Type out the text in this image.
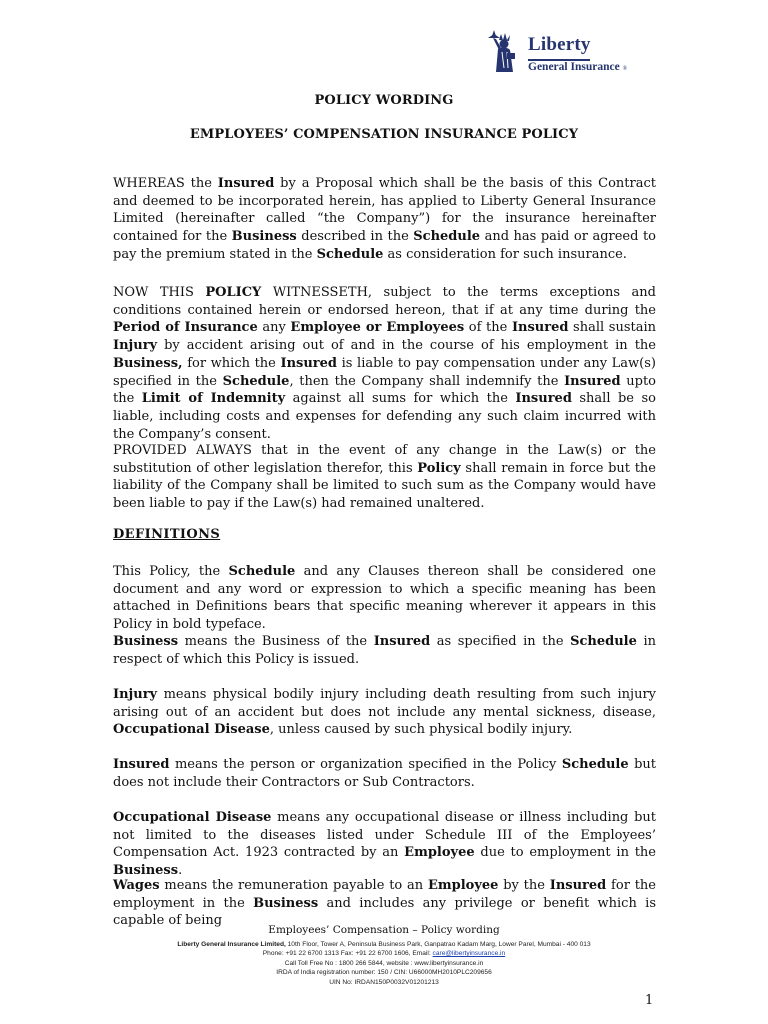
Liberty
General Insurance ®
POLICY WORDING
EMPLOYEES’ COMPENSATION INSURANCE POLICY

WHEREAS the Insured by a Proposal which shall be the basis of this Contract and deemed to be incorporated herein, has applied to Liberty General Insurance Limited (hereinafter called “the Company”) for the insurance hereinafter contained for the Business described in the Schedule and has paid or agreed to pay the premium stated in the Schedule as consideration for such insurance.

NOW THIS POLICY WITNESSETH, subject to the terms exceptions and conditions contained herein or endorsed hereon, that if at any time during the Period of Insurance any Employee or Employees of the Insured shall sustain Injury by accident arising out of and in the course of his employment in the Business, for which the Insured is liable to pay compensation under any Law(s) specified in the Schedule, then the Company shall indemnify the Insured upto the Limit of Indemnity against all sums for which the Insured shall be so liable, including costs and expenses for defending any such claim incurred with the Company’s consent.

PROVIDED ALWAYS that in the event of any change in the Law(s) or the substitution of other legislation therefor, this Policy shall remain in force but the liability of the Company shall be limited to such sum as the Company would have been liable to pay if the Law(s) had remained unaltered.

DEFINITIONS

This Policy, the Schedule and any Clauses thereon shall be considered one document and any word or expression to which a specific meaning has been attached in Definitions bears that specific meaning wherever it appears in this Policy in bold typeface.

Business means the Business of the Insured as specified in the Schedule in respect of which this Policy is issued.

Injury means physical bodily injury including death resulting from such injury arising out of an accident but does not include any mental sickness, disease, Occupational Disease, unless caused by such physical bodily injury.

Insured means the person or organization specified in the Policy Schedule but does not include their Contractors or Sub Contractors.

Occupational Disease means any occupational disease or illness including but not limited to the diseases listed under Schedule III of the Employees’ Compensation Act. 1923 contracted by an Employee due to employment in the Business.

Wages means the remuneration payable to an Employee by the Insured for the employment in the Business and includes any privilege or benefit which is capable of being

Employees’ Compensation – Policy wording
Liberty General Insurance Limited, 10th Floor, Tower A, Peninsula Business Park, Ganpatrao Kadam Marg, Lower Parel, Mumbai - 400 013
Phone: +91 22 6700 1313 Fax: +91 22 6700 1606, Email: care@libertyinsurance.in
Call Toll Free No : 1800 266 5844, website : www.libertyinsurance.in
IRDA of India registration number: 150 / CIN: U66000MH2010PLC209656
UIN No: IRDAN150P0032V01201213
1
